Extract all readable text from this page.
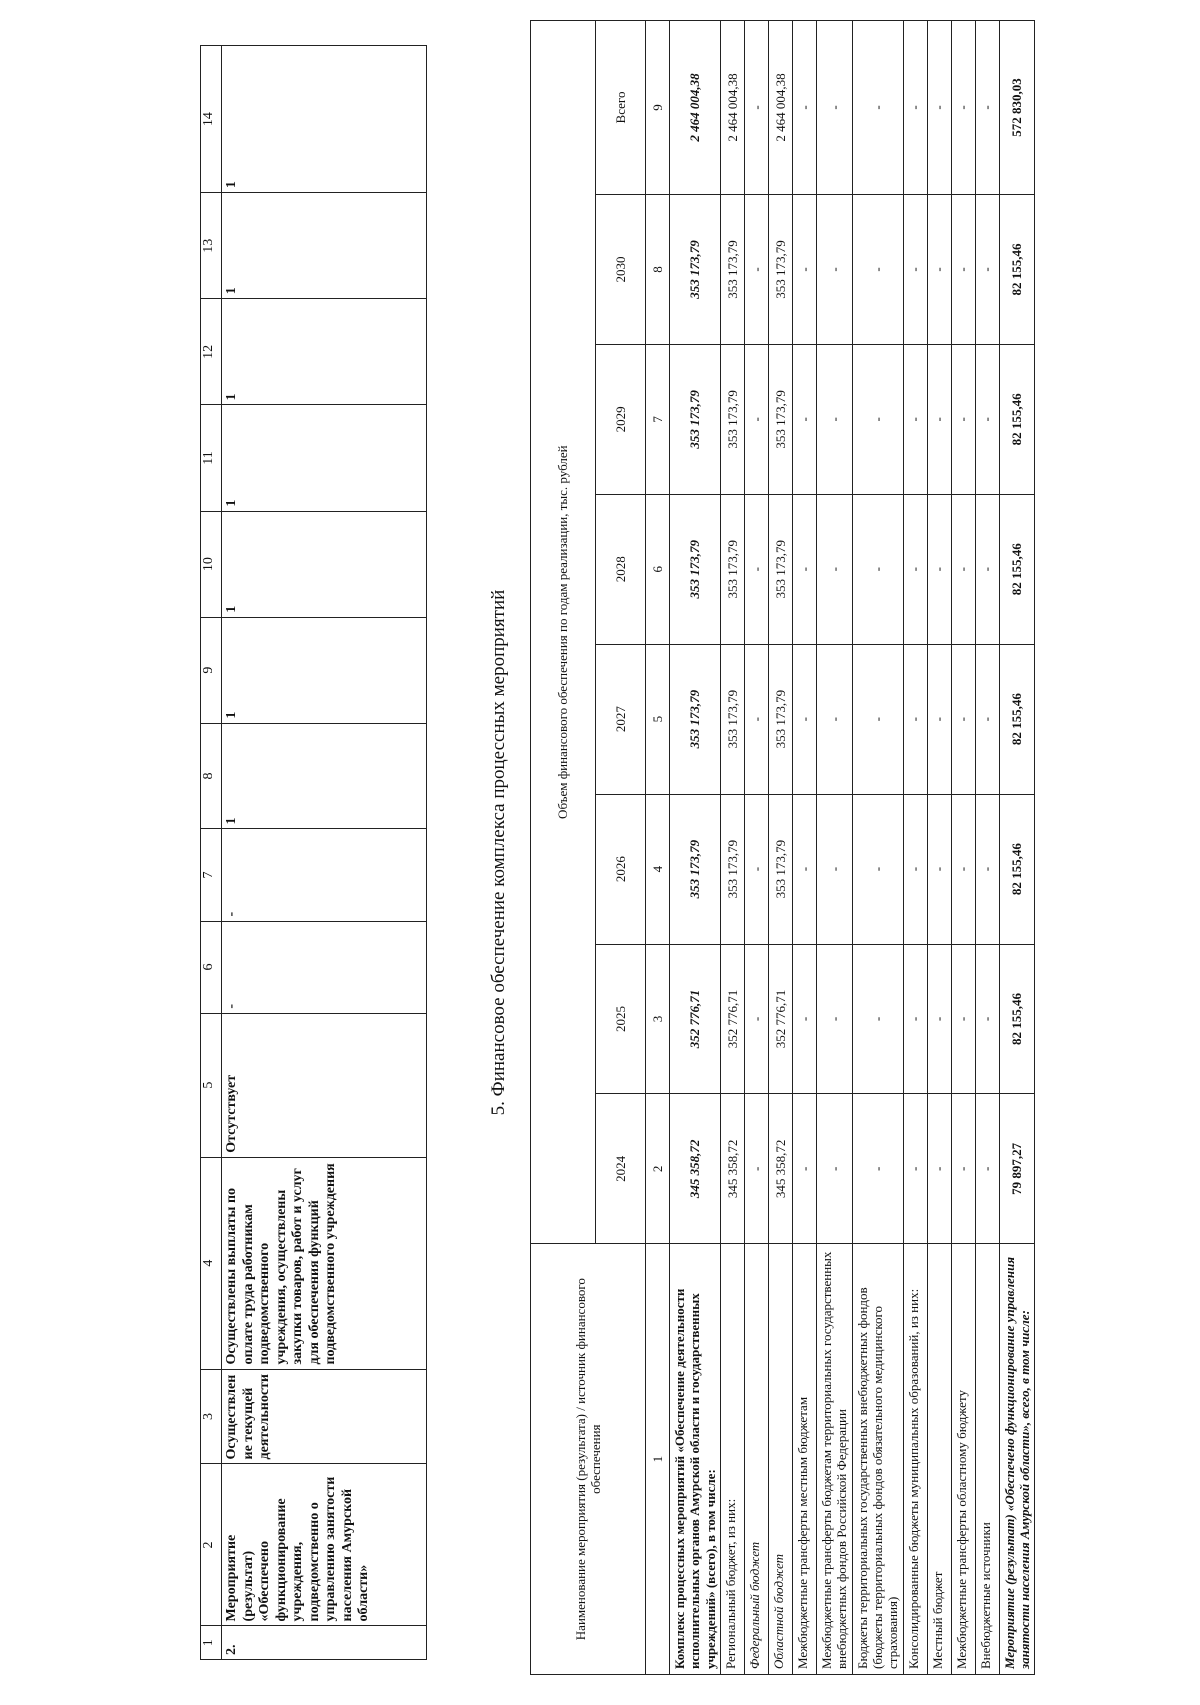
1	2	3	4	5	6	7	8	9	10	11	12	13	14
2.	Мероприятие (результат) «Обеспечено функционирование учреждения, подведомственно о управлению занятости населения Амурской области»	Осуществлен ие текущей деятельности	Осуществлены выплаты по оплате труда работникам подведомственного учреждения, осуществлены закупки товаров, работ и услуг для обеспечения функций подведомственного учреждения	Отсутствует	-	-	1	1	1	1	1	1	1
5. Финансовое обеспечение комплекса процессных мероприятий
Наименование мероприятия (результата) / источник финансового обеспечения	Объем финансового обеспечения по годам реализации, тыс. рублей							
	2024	2025	2026	2027	2028	2029	2030	Всего
1	2	3	4	5	6	7	8	9
Комплекс процессных мероприятий «Обеспечение деятельности исполнительных органов Амурской области и государственных учреждений» (всего), в том числе:	345 358,72	352 776,71	353 173,79	353 173,79	353 173,79	353 173,79	353 173,79	2 464 004,38
Региональный бюджет, из них:	345 358,72	352 776,71	353 173,79	353 173,79	353 173,79	353 173,79	353 173,79	2 464 004,38
Федеральный бюджет	-	-	-	-	-	-	-	-
Областной бюджет	345 358,72	352 776,71	353 173,79	353 173,79	353 173,79	353 173,79	353 173,79	2 464 004,38
Межбюджетные трансферты местным бюджетам	-	-	-	-	-	-	-	-
Межбюджетные трансферты бюджетам территориальных государственных внебюджетных фондов Российской Федерации	-	-	-	-	-	-	-	-
Бюджеты территориальных государственных внебюджетных фондов (бюджеты территориальных фондов обязательного медицинского страхования)	-	-	-	-	-	-	-	-
Консолидированные бюджеты муниципальных образований, из них:	-	-	-	-	-	-	-	-
Местный бюджет	-	-	-	-	-	-	-	-
Межбюджетные трансферты областному бюджету	-	-	-	-	-	-	-	-
Внебюджетные источники	-	-	-	-	-	-	-	-
Мероприятие (результат) «Обеспечено функционирование управления занятости населения Амурской области», всего, в том числе:	79 897,27	82 155,46	82 155,46	82 155,46	82 155,46	82 155,46	82 155,46	572 830,03
